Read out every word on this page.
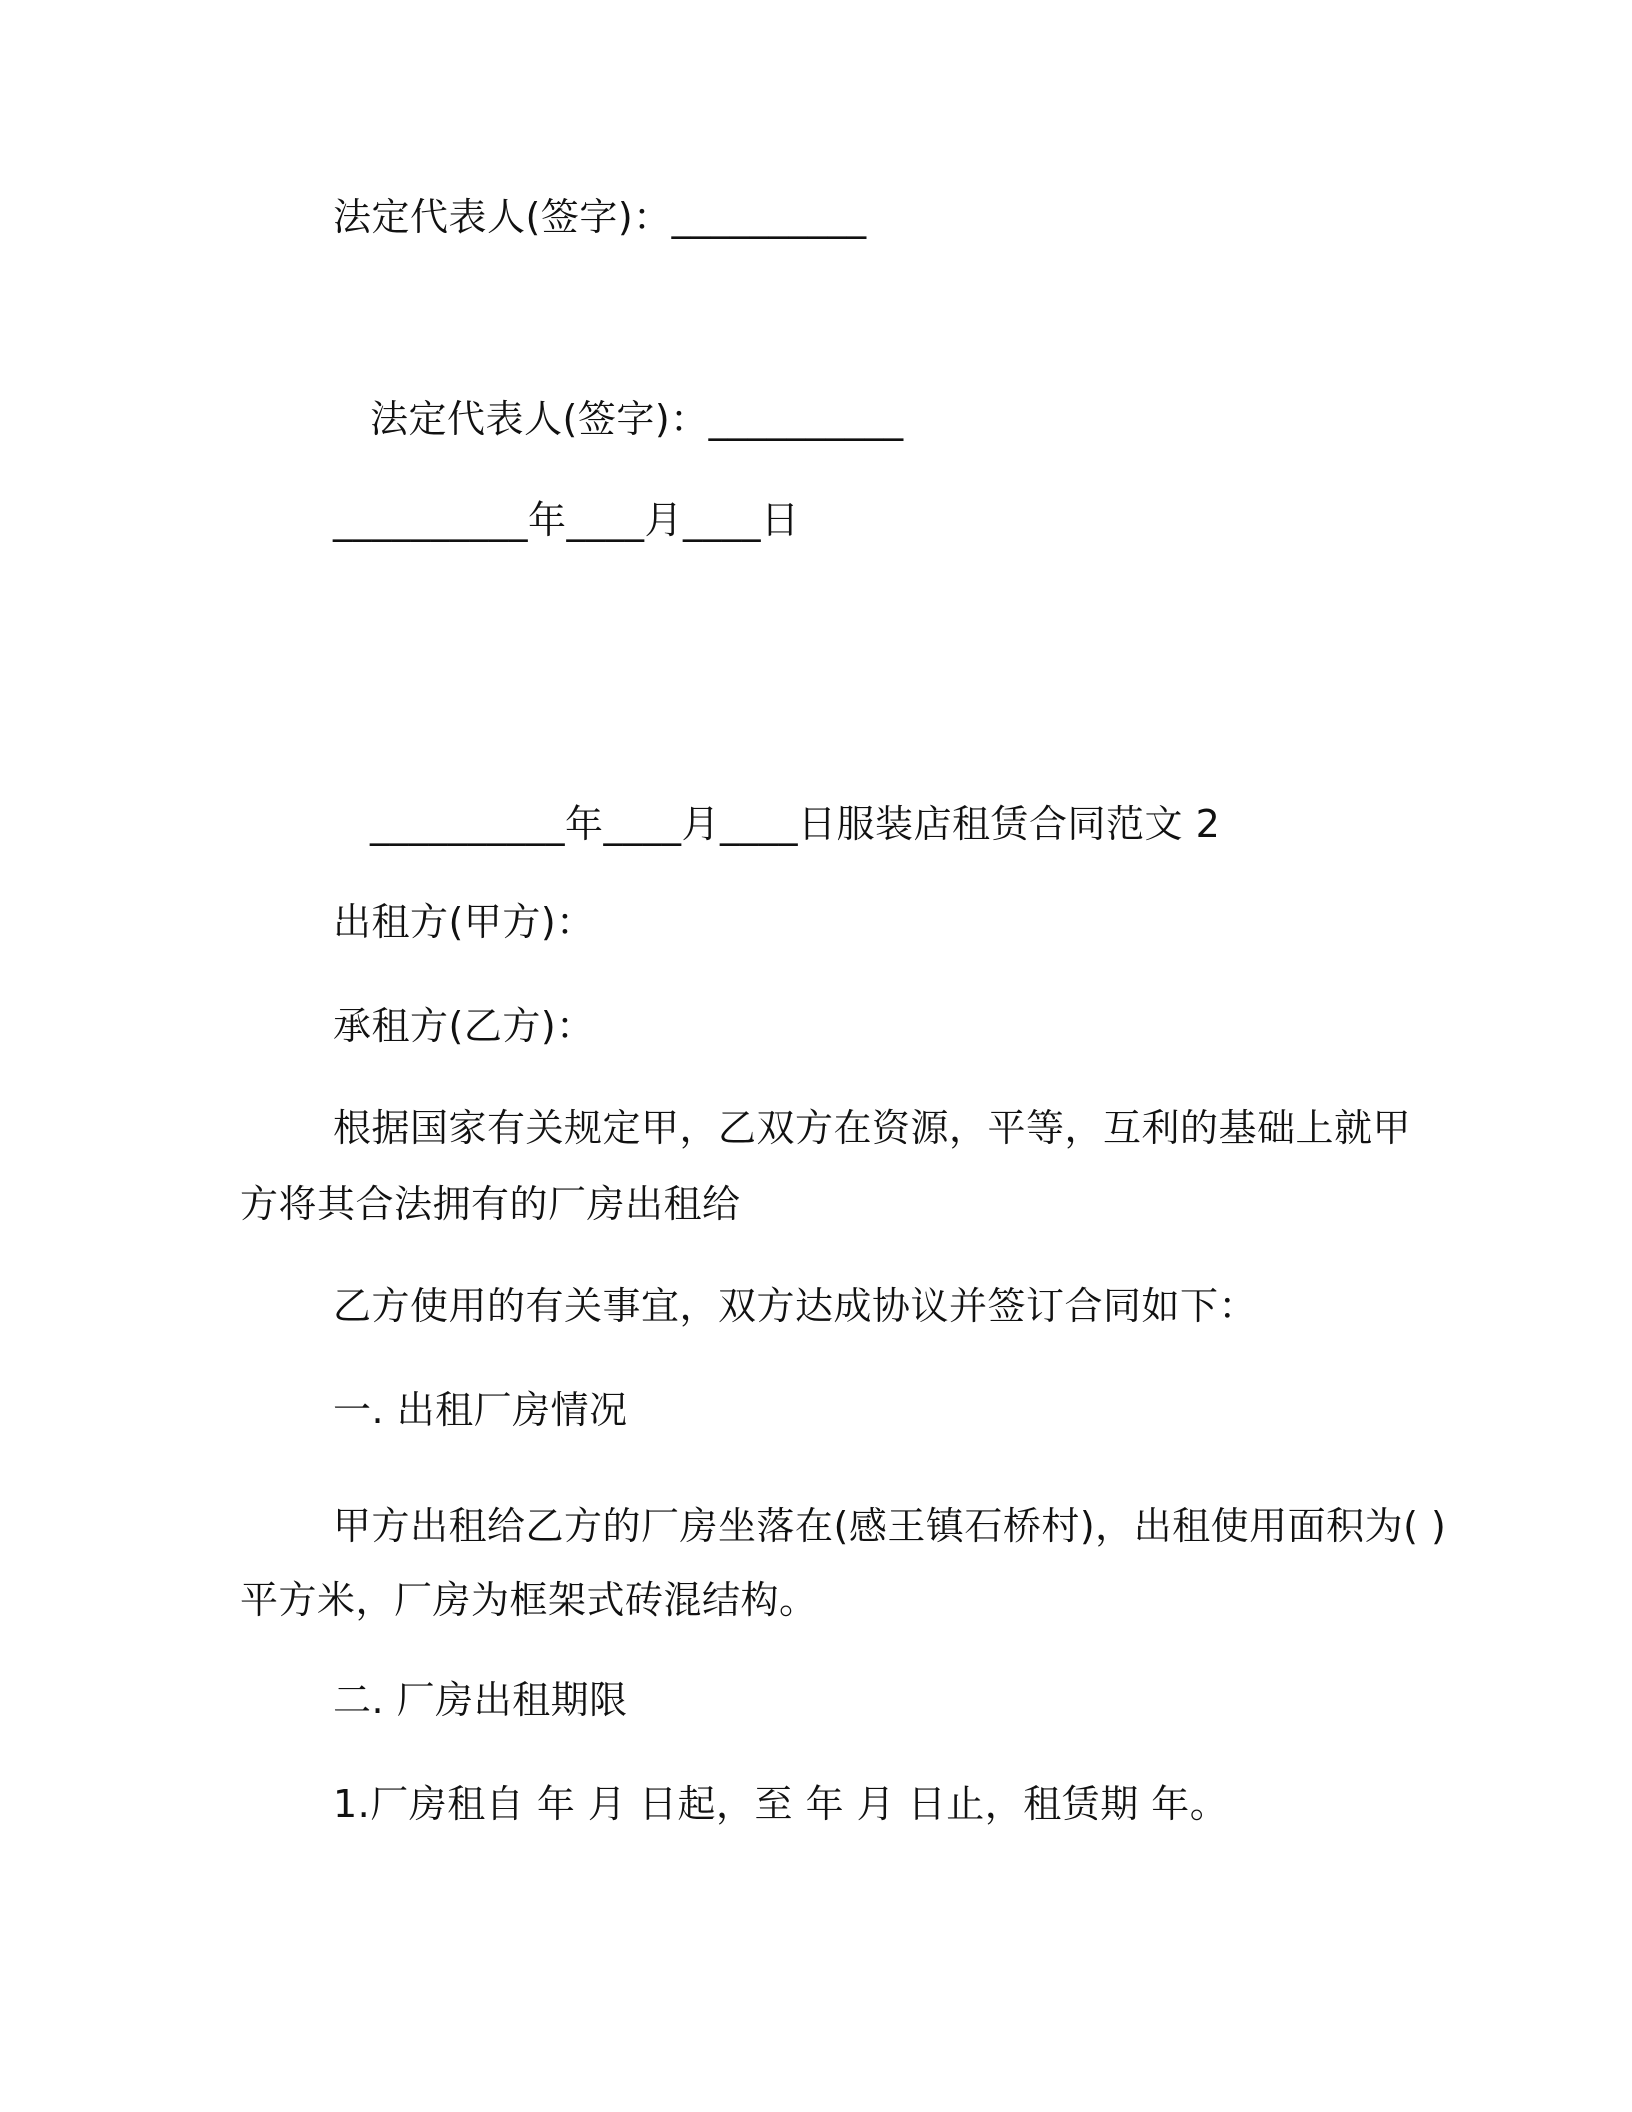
法定代表人(签字)：__________
法定代表人(签字)：__________
__________年____月____日
__________年____月____日服装店租赁合同范文 2
出租方(甲方)：
承租方(乙方)：
根据国家有关规定甲，乙双方在资源，平等，互利的基础上就甲
方将其合法拥有的厂房出租给
乙方使用的有关事宜，双方达成协议并签订合同如下：
一. 出租厂房情况
甲方出租给乙方的厂房坐落在(感王镇石桥村)，出租使用面积为( )
平方米，厂房为框架式砖混结构。
二. 厂房出租期限
1.厂房租自 年 月 日起，至 年 月 日止，租赁期 年。
